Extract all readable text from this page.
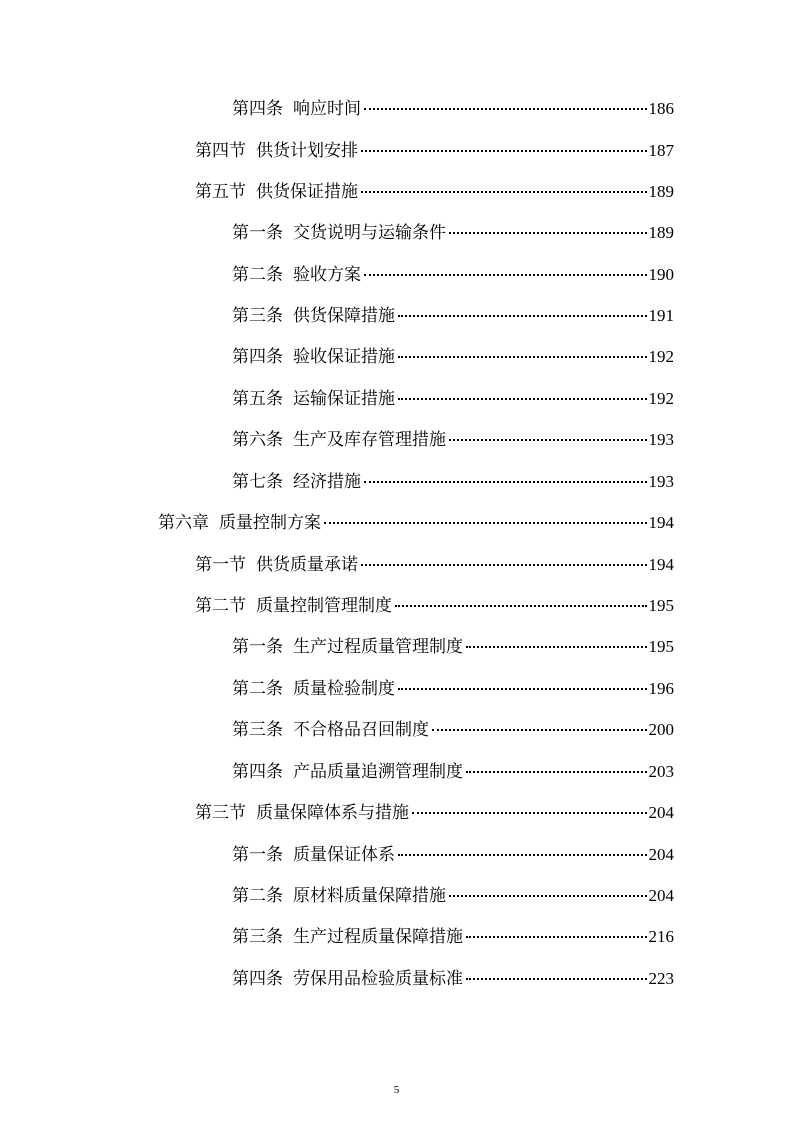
第四条 响应时间	186
第四节 供货计划安排	187
第五节 供货保证措施	189
第一条 交货说明与运输条件	189
第二条 验收方案	190
第三条 供货保障措施	191
第四条 验收保证措施	192
第五条 运输保证措施	192
第六条 生产及库存管理措施	193
第七条 经济措施	193
第六章 质量控制方案	194
第一节 供货质量承诺	194
第二节 质量控制管理制度	195
第一条 生产过程质量管理制度	195
第二条 质量检验制度	196
第三条 不合格品召回制度	200
第四条 产品质量追溯管理制度	203
第三节 质量保障体系与措施	204
第一条 质量保证体系	204
第二条 原材料质量保障措施	204
第三条 生产过程质量保障措施	216
第四条 劳保用品检验质量标准	223
5
